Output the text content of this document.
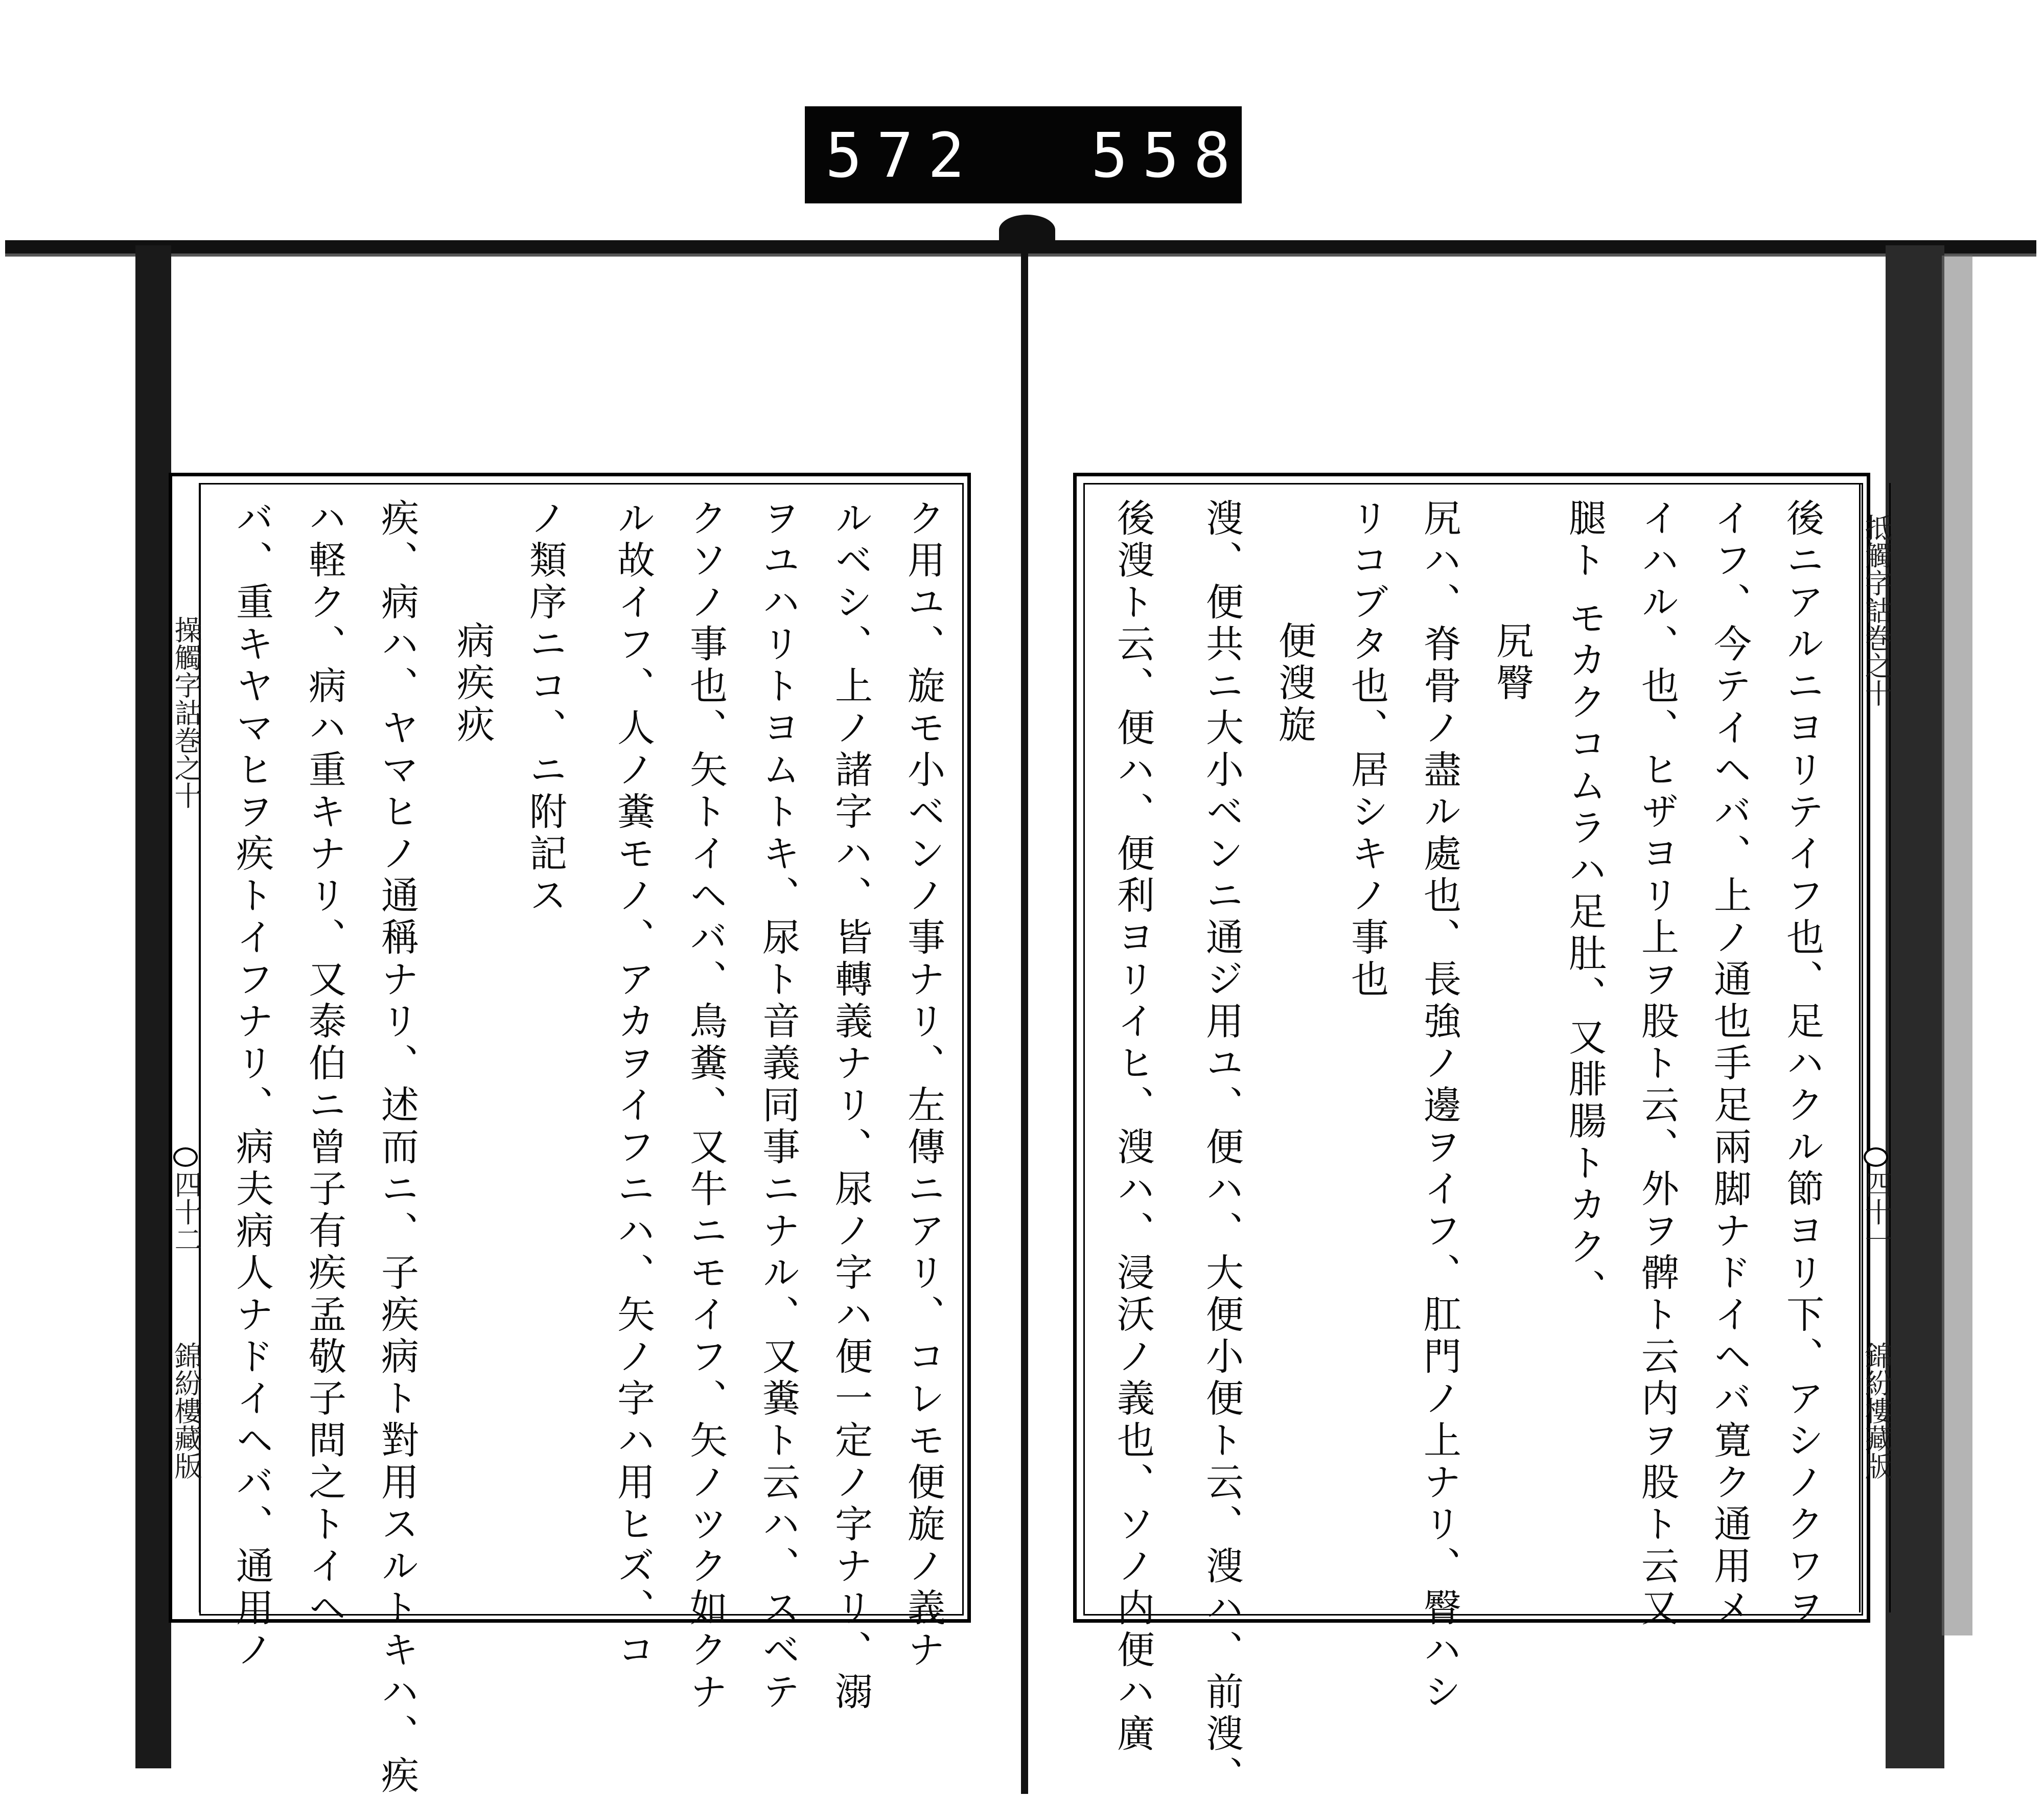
572 558.
操觸字詁巻之十
四十二
錦紛樓藏版
抵觸字詁巻之十
四十一
錦紛樓藏版
後ニアルニヨリテイフ也、足ハクル節ヨリ下、アシノクワヲ
イフ、今テイヘバ、上ノ通也手足兩脚ナドイヘバ寛ク通用メ
イハル、也、ヒザヨリ上ヲ股ト云、外ヲ髀ト云内ヲ股ト云又
腿ト モカクコムラハ足肚、又腓腸トカク、
尻臀
尻ハ、脊骨ノ盡ル處也、長強ノ邊ヲイフ、肛門ノ上ナリ、臀ハシ
リコブタ也、居シキノ事也
便溲旋
溲、便共ニ大小ベンニ通ジ用ユ、便ハ、大便小便ト云、溲ハ、前溲、
後溲ト云、便ハ、便利ヨリイヒ、溲ハ、浸沃ノ義也、ソノ内便ハ廣
ク用ユ、旋モ小ベンノ事ナリ、左傳ニアリ、コレモ便旋ノ義ナ
ルベシ、上ノ諸字ハ、皆轉義ナリ、尿ノ字ハ便一定ノ字ナリ、溺
ヲユハリトヨムトキ、尿ト音義同事ニナル、又糞ト云ハ、スベテ
クソノ事也、矢トイヘバ、鳥糞、又牛ニモイフ、矢ノツク如クナ
ル故イフ、人ノ糞モノ、アカヲイフニハ、矢ノ字ハ用ヒズ、コ
ノ類序ニコ、ニ附記ス
病疾疢
疾、病ハ、ヤマヒノ通稱ナリ、述而ニ、子疾病ト對用スルトキハ、疾
ハ軽ク、病ハ重キナリ、又泰伯ニ曾子有疾孟敬子問之トイヘ
バ、重キヤマヒヲ疾トイフナリ、病夫病人ナドイヘバ、通用ノ
